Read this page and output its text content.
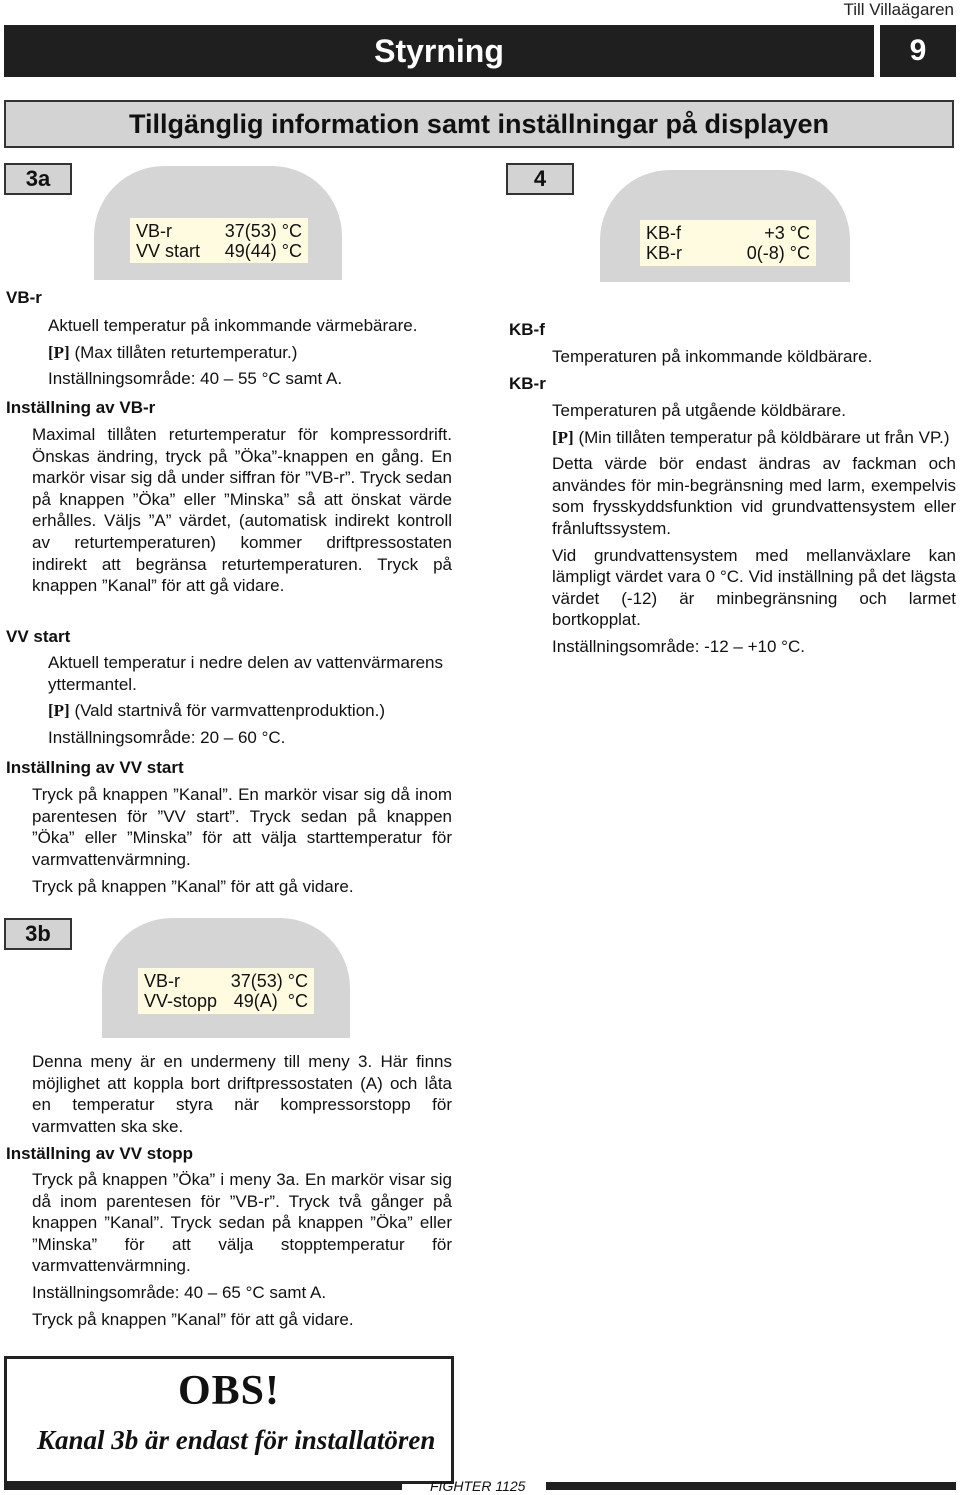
Till Villaägaren
Styrning	9
Tillgänglig information samt inställningar på displayen
3a
VB-r	37(53) °C
VV start 49(44) °C
4
KB-f	+3 °C
KB-r	0(-8) °C
VB-r

Aktuell temperatur på inkommande värmebärare.

[P] (Max tillåten returtemperatur.)

Inställningsområde: 40 – 55 °C samt A.

Inställning av VB-r
Maximal tillåten returtemperatur för kompressordrift. Önskas ändring, tryck på ”Öka”-knappen en gång. En markör visar sig då under siffran för ”VB-r”. Tryck sedan på knappen ”Öka” eller ”Minska” så att önskat värde erhålles. Väljs ”A” värdet, (automatisk indirekt kontroll av returtemperaturen) kommer driftpressostaten indirekt att begränsa returtemperaturen. Tryck på knappen ”Kanal” för att gå vidare.
VV start

Aktuell temperatur i nedre delen av vattenvärmarens yttermantel.

[P] (Vald startnivå för varmvattenproduktion.)

Inställningsområde: 20 – 60 °C.

Inställning av VV start
Tryck på knappen ”Kanal”. En markör visar sig då inom parentesen för ”VV start”. Tryck sedan på knappen ”Öka” eller ”Minska” för att välja starttemperatur för varmvattenvärmning.
Tryck på knappen ”Kanal” för att gå vidare.
3b
VB-r	37(53) °C
VV-stopp 49(A)  °C
Denna meny är en undermeny till meny 3. Här finns möjlighet att koppla bort driftpressostaten (A) och låta en temperatur styra när kompressorstopp för varmvatten ska ske.
Inställning av VV stopp
Tryck på knappen ”Öka” i meny 3a. En markör visar sig då inom parentesen för ”VB-r”. Tryck två gånger på knappen ”Kanal”. Tryck sedan på knappen ”Öka” eller ”Minska” för att välja stopptemperatur för varmvattenvärmning.
Inställningsområde: 40 – 65 °C samt A.
Tryck på knappen ”Kanal” för att gå vidare.
KB-f
Temperaturen på inkommande köldbärare.
KB-r

Temperaturen på utgående köldbärare.

[P] (Min tillåten temperatur på köldbärare ut från VP.)

Detta värde bör endast ändras av fackman och användes för min-begränsning med larm, exempelvis som frysskyddsfunktion vid grundvattensystem eller frånluftssystem.

Vid grundvattensystem med mellanväxlare kan lämpligt värdet vara 0 °C. Vid inställning på det lägsta värdet (-12) är minbegränsning och larmet bortkopplat.

Inställningsområde: -12 – +10 °C.

OBS!
Kanal 3b är endast för installatören
FIGHTER 1125
